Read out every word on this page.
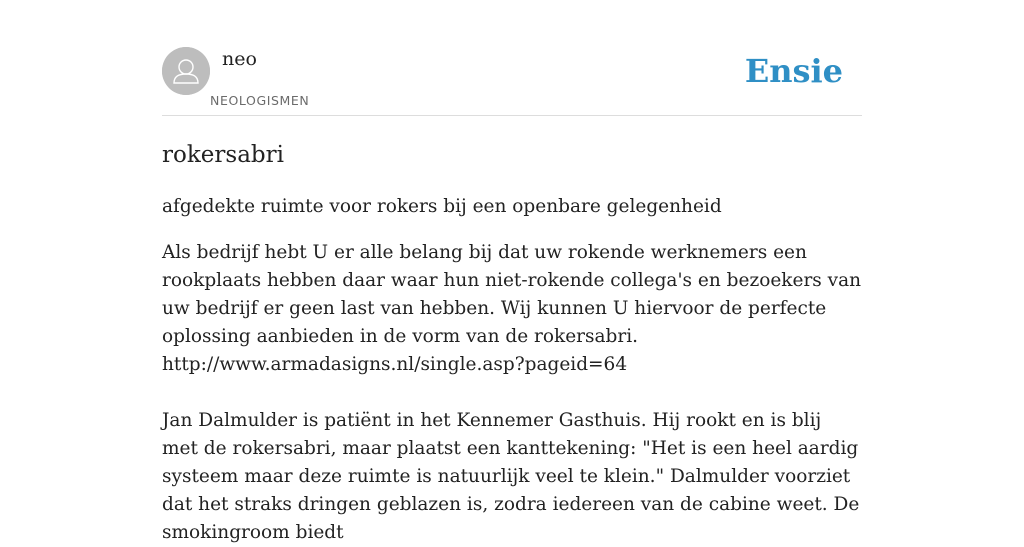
neo
NEOLOGISMEN
Ensie
rokersabri

afgedekte ruimte voor rokers bij een openbare gelegenheid

Als bedrijf hebt U er alle belang bij dat uw rokende werknemers een rookplaats hebben daar waar hun niet-rokende collega's en bezoekers van uw bedrijf er geen last van hebben. Wij kunnen U hiervoor de perfecte oplossing aanbieden in de vorm van de rokersabri.
http://www.armadasigns.nl/single.asp?pageid=64

Jan Dalmulder is patiënt in het Kennemer Gasthuis. Hij rookt en is blij met de rokersabri, maar plaatst een kanttekening: "Het is een heel aardig systeem maar deze ruimte is natuurlijk veel te klein." Dalmulder voorziet dat het straks dringen geblazen is, zodra iedereen van de cabine weet. De smokingroom biedt
